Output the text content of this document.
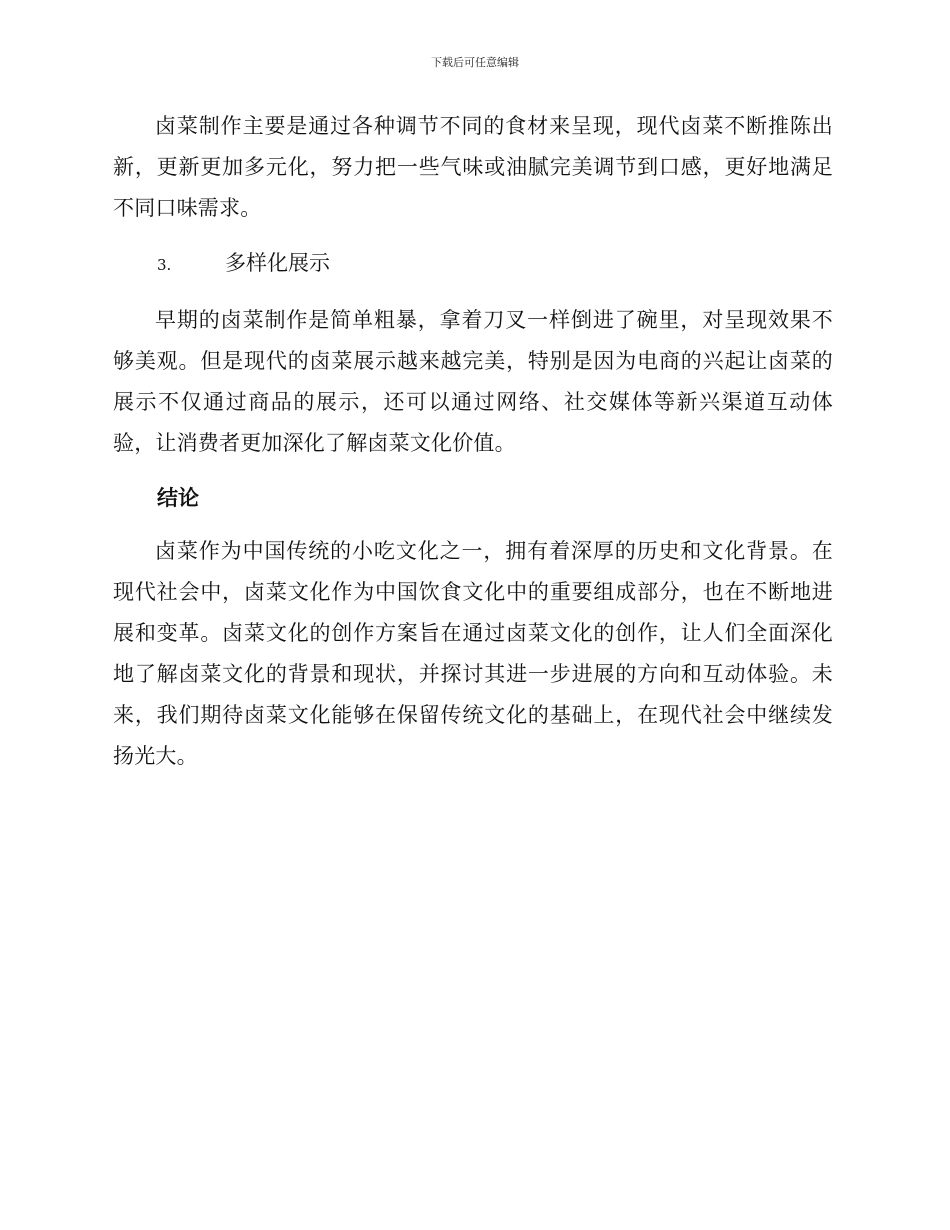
下载后可任意编辑

卤菜制作主要是通过各种调节不同的食材来呈现，现代卤菜不断推陈出新，更新更加多元化，努力把一些气味或油腻完美调节到口感，更好地满足不同口味需求。

3.	多样化展示

早期的卤菜制作是简单粗暴，拿着刀叉一样倒进了碗里，对呈现效果不够美观。但是现代的卤菜展示越来越完美，特别是因为电商的兴起让卤菜的展示不仅通过商品的展示，还可以通过网络、社交媒体等新兴渠道互动体验，让消费者更加深化了解卤菜文化价值。

结论

卤菜作为中国传统的小吃文化之一，拥有着深厚的历史和文化背景。在现代社会中，卤菜文化作为中国饮食文化中的重要组成部分，也在不断地进展和变革。卤菜文化的创作方案旨在通过卤菜文化的创作，让人们全面深化地了解卤菜文化的背景和现状，并探讨其进一步进展的方向和互动体验。未来，我们期待卤菜文化能够在保留传统文化的基础上，在现代社会中继续发扬光大。
